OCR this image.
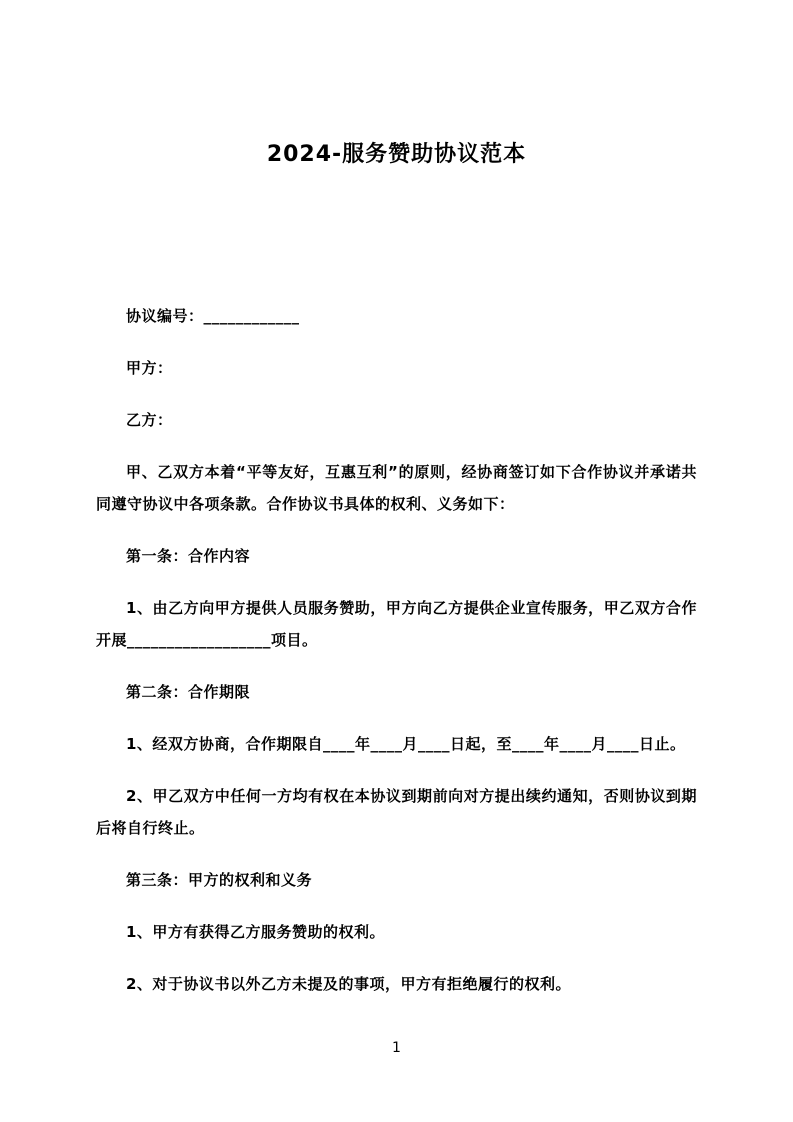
2024-服务赞助协议范本

协议编号：____________

甲方：

乙方：

甲、乙双方本着“平等友好，互惠互利”的原则，经协商签订如下合作协议并承诺共同遵守协议中各项条款。合作协议书具体的权利、义务如下：

第一条：合作内容

1、由乙方向甲方提供人员服务赞助，甲方向乙方提供企业宣传服务，甲乙双方合作开展__________________项目。

第二条：合作期限

1、经双方协商，合作期限自____年____月____日起，至____年____月____日止。

2、甲乙双方中任何一方均有权在本协议到期前向对方提出续约通知，否则协议到期后将自行终止。

第三条：甲方的权利和义务

1、甲方有获得乙方服务赞助的权利。

2、对于协议书以外乙方未提及的事项，甲方有拒绝履行的权利。

1
